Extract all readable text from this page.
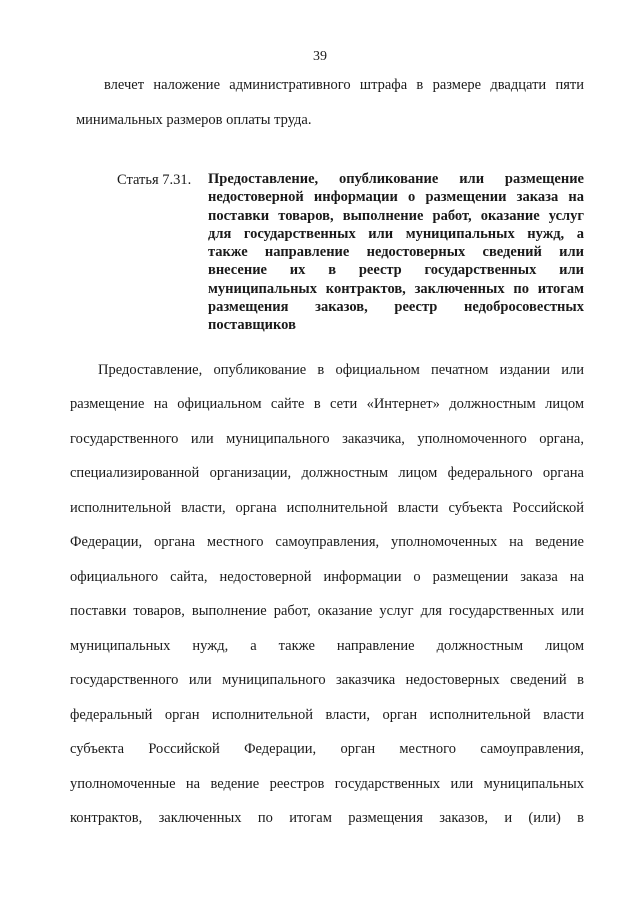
39
влечет наложение административного штрафа в размере двадцати пяти
минимальных размеров оплаты труда.
Статья 7.31. Предоставление, опубликование или размещение
недостоверной информации о размещении заказа на
поставки товаров, выполнение работ, оказание услуг
для государственных или муниципальных нужд, а
также направление недостоверных сведений или
внесение их в реестр государственных или
муниципальных контрактов, заключенных по итогам
размещения заказов, реестр недобросовестных
поставщиков
Предоставление, опубликование в официальном печатном издании или
размещение на официальном сайте в сети «Интернет» должностным лицом
государственного или муниципального заказчика, уполномоченного органа,
специализированной организации, должностным лицом федерального органа
исполнительной власти, органа исполнительной власти субъекта Российской
Федерации, органа местного самоуправления, уполномоченных на ведение
официального сайта, недостоверной информации о размещении заказа на
поставки товаров, выполнение работ, оказание услуг для государственных или
муниципальных нужд, а также направление должностным лицом
государственного или муниципального заказчика недостоверных сведений в
федеральный орган исполнительной власти, орган исполнительной власти
субъекта Российской Федерации, орган местного самоуправления,
уполномоченные на ведение реестров государственных или муниципальных
контрактов, заключенных по итогам размещения заказов, и (или) в
